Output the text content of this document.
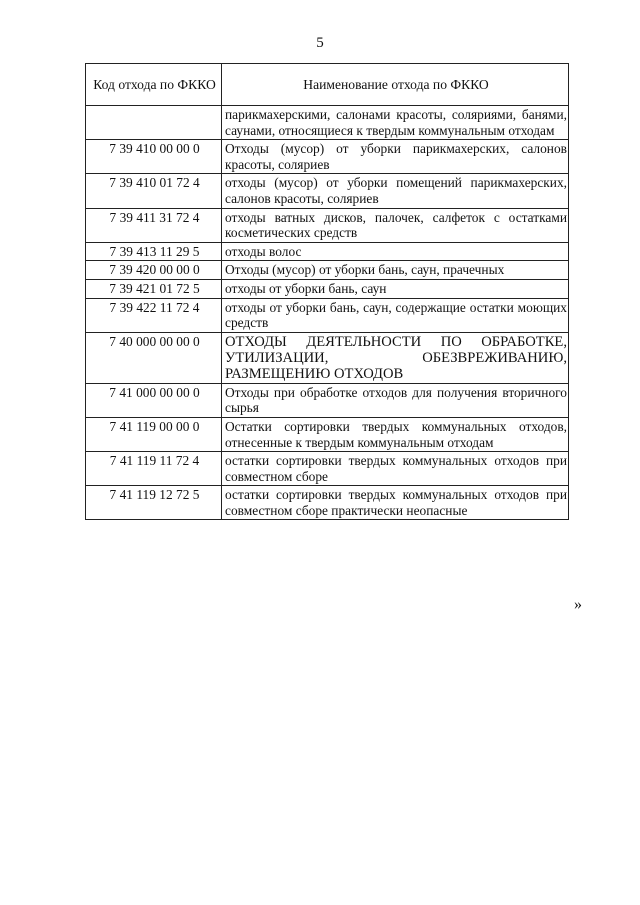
5
Код отхода по ФККО	Наименование отхода по ФККО
	парикмахерскими, салонами красоты, соляриями, банями, саунами, относящиеся к твердым коммунальным отходам
7 39 410 00 00 0	Отходы (мусор) от уборки парикмахерских, салонов красоты, соляриев
7 39 410 01 72 4	отходы (мусор) от уборки помещений парикмахерских, салонов красоты, соляриев
7 39 411 31 72 4	отходы ватных дисков, палочек, салфеток с остатками косметических средств
7 39 413 11 29 5	отходы волос
7 39 420 00 00 0	Отходы (мусор) от уборки бань, саун, прачечных
7 39 421 01 72 5	отходы от уборки бань, саун
7 39 422 11 72 4	отходы от уборки бань, саун, содержащие остатки моющих средств
7 40 000 00 00 0	ОТХОДЫ ДЕЯТЕЛЬНОСТИ ПО ОБРАБОТКЕ, УТИЛИЗАЦИИ, ОБЕЗВРЕЖИВАНИЮ, РАЗМЕЩЕНИЮ ОТХОДОВ
7 41 000 00 00 0	Отходы при обработке отходов для получения вторичного сырья
7 41 119 00 00 0	Остатки сортировки твердых коммунальных отходов, отнесенные к твердым коммунальным отходам
7 41 119 11 72 4	остатки сортировки твердых коммунальных отходов при совместном сборе
7 41 119 12 72 5	остатки сортировки твердых коммунальных отходов при совместном сборе практически неопасные
»
